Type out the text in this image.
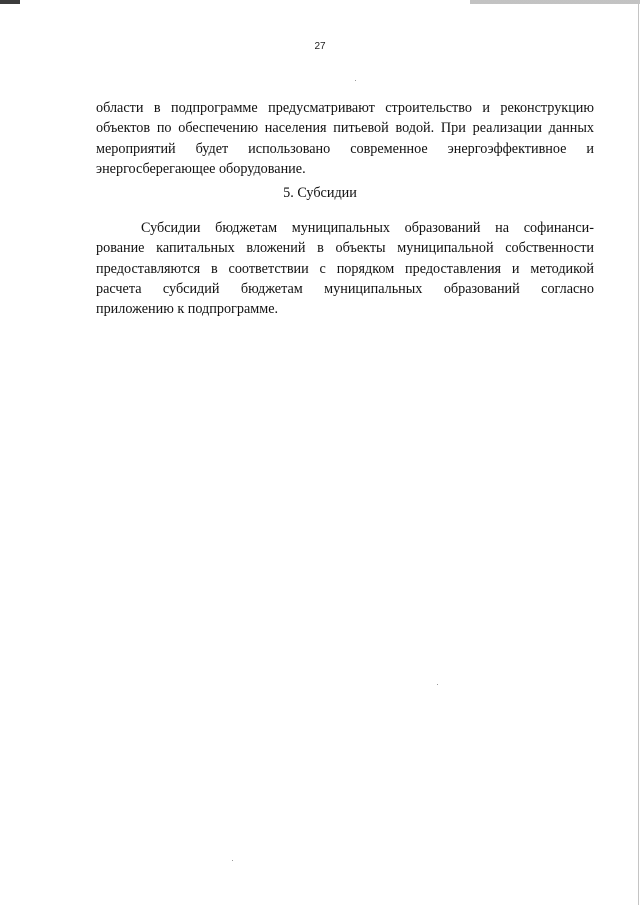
27

области в подпрограмме предусматривают строительство и реконструкцию
объектов по обеспечению населения питьевой водой. При реализации данных
мероприятий будет использовано современное энергоэффективное и
энергосберегающее оборудование.

5. Субсидии

Субсидии бюджетам муниципальных образований на софинанси-
рование капитальных вложений в объекты муниципальной собственности
предоставляются в соответствии с порядком предоставления и методикой
расчета субсидий бюджетам муниципальных образований согласно
приложению к подпрограмме.
